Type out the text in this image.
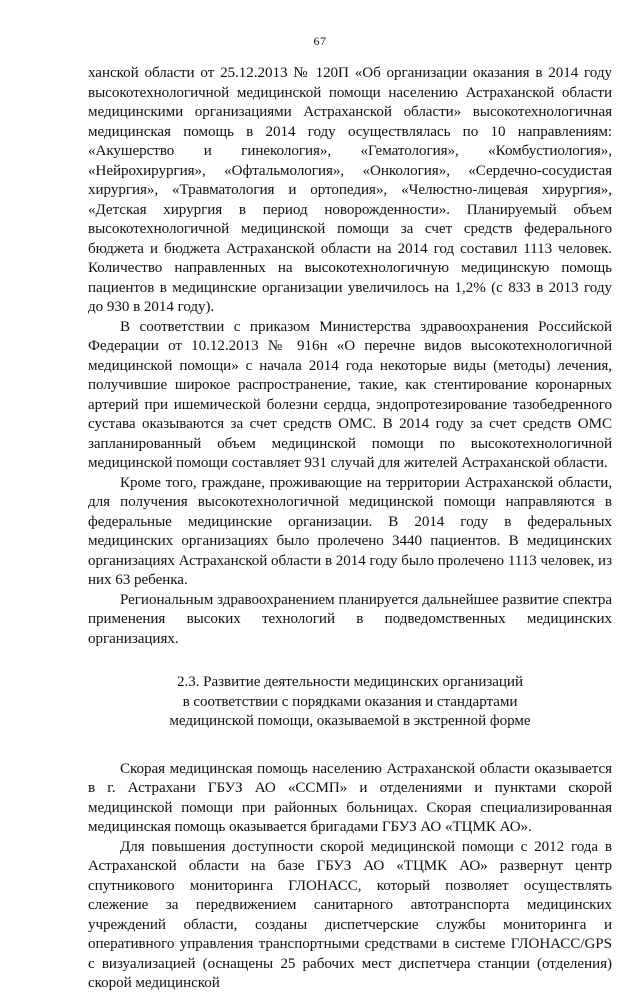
67

ханской области от 25.12.2013 № 120П «Об организации оказания в 2014 году высокотехнологичной медицинской помощи населению Астраханской области медицинскими организациями Астраханской области» высокотехнологичная медицинская помощь в 2014 году осуществлялась по 10 направлениям: «Акушерство и гинекология», «Гематология», «Комбустиология», «Нейрохирургия», «Офтальмология», «Онкология», «Сердечно-сосудистая хирургия», «Травматология и ортопедия», «Челюстно-лицевая хирургия», «Детская хирургия в период новорожденности». Планируемый объем высокотехнологичной медицинской помощи за счет средств федерального бюджета и бюджета Астраханской области на 2014 год составил 1113 человек. Количество направленных на высокотехнологичную медицинскую помощь пациентов в медицинские организации увеличилось на 1,2% (с 833 в 2013 году до 930 в 2014 году).

В соответствии с приказом Министерства здравоохранения Российской Федерации от 10.12.2013 № 916н «О перечне видов высокотехнологичной медицинской помощи» с начала 2014 года некоторые виды (методы) лечения, получившие широкое распространение, такие, как стентирование коронарных артерий при ишемической болезни сердца, эндопротезирование тазобедренного сустава оказываются за счет средств ОМС. В 2014 году за счет средств ОМС запланированный объем медицинской помощи по высокотехнологичной медицинской помощи составляет 931 случай для жителей Астраханской области.

Кроме того, граждане, проживающие на территории Астраханской области, для получения высокотехнологичной медицинской помощи направляются в федеральные медицинские организации. В 2014 году в федеральных медицинских организациях было пролечено 3440 пациентов. В медицинских организациях Астраханской области в 2014 году было пролечено 1113 человек, из них 63 ребенка.

Региональным здравоохранением планируется дальнейшее развитие спектра применения высоких технологий в подведомственных медицинских организациях.

2.3. Развитие деятельности медицинских организаций
в соответствии с порядками оказания и стандартами
медицинской помощи, оказываемой в экстренной форме

Скорая медицинская помощь населению Астраханской области оказывается в г. Астрахани ГБУЗ АО «ССМП» и отделениями и пунктами скорой медицинской помощи при районных больницах. Скорая специализированная медицинская помощь оказывается бригадами ГБУЗ АО «ТЦМК АО».

Для повышения доступности скорой медицинской помощи с 2012 года в Астраханской области на базе ГБУЗ АО «ТЦМК АО» развернут центр спутникового мониторинга ГЛОНАСС, который позволяет осуществлять слежение за передвижением санитарного автотранспорта медицинских учреждений области, созданы диспетчерские службы мониторинга и оперативного управления транспортными средствами в системе ГЛОНАСС/GPS с визуализацией (оснащены 25 рабочих мест диспетчера станции (отделения) скорой медицинской
